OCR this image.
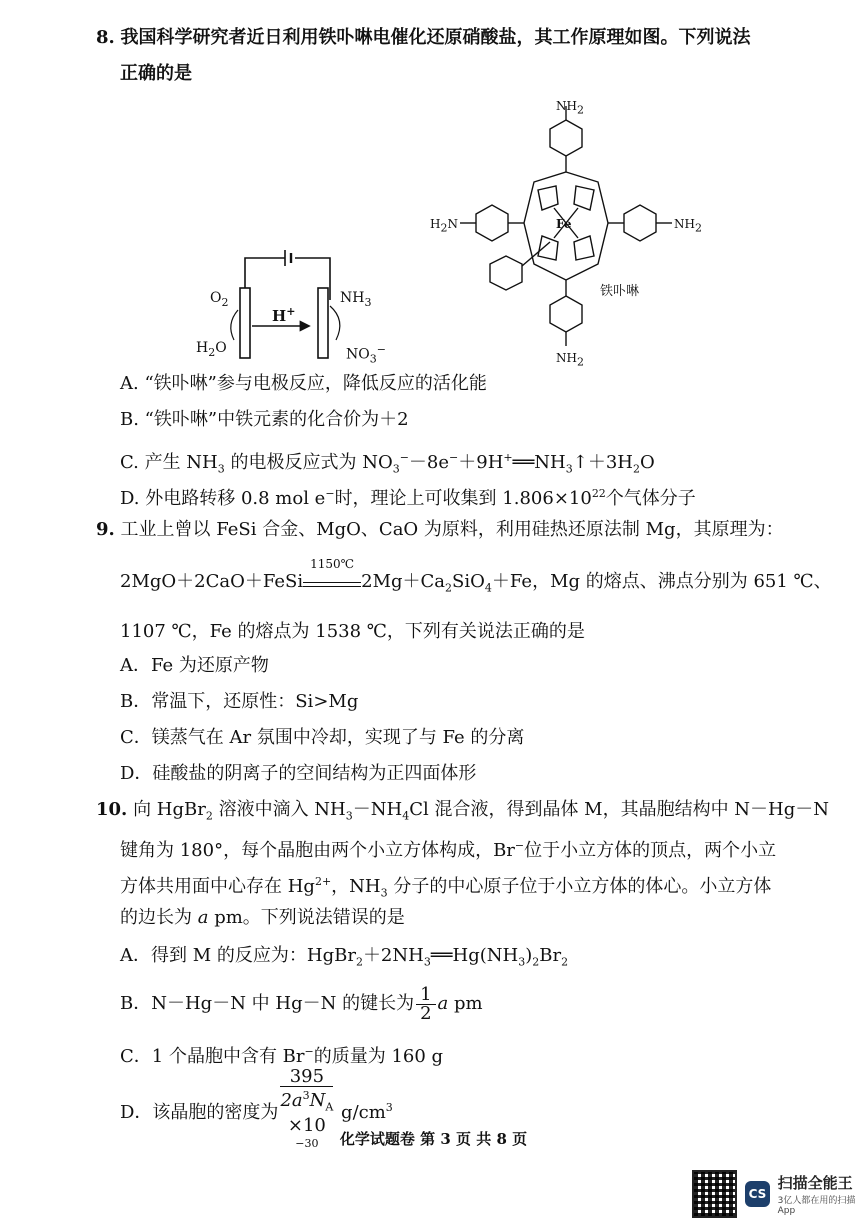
8. 我国科学研究者近日利用铁卟啉电催化还原硝酸盐，其工作原理如图。下列说法
正确的是
$O_2$
$H_2O$
H+
$NH_3$
$NO_3^-$
$NH_2$
$H_2N$	$NH_2$
$NH_2$
Fe
铁卟啉
A. “铁卟啉”参与电极反应，降低反应的活化能
B. “铁卟啉”中铁元素的化合价为＋2
C. 产生 $NH_3$ 的电极反应式为 $NO_3^--8e^-+9H^+══NH_3↑+3H_2O$
D. 外电路转移 0.8 mol e−时，理论上可收集到 $1.806\times 10^{22}$个气体分子
9. 工业上曾以 FeSi 合金、MgO、CaO 为原料，利用硅热还原法制 Mg，其原理为：
2MgO＋2CaO＋FeSi
1150℃
$2Mg+Ca_2SiO_4+Fe$，Mg 的熔点、沸点分别为 651 ℃、
1107 ℃，Fe 的熔点为 1538 ℃，下列有关说法正确的是
A．Fe 为还原产物
B．常温下，还原性：Si>Mg
C．镁蒸气在 Ar 氛围中冷却，实现了与 Fe 的分离
D．硅酸盐的阴离子的空间结构为正四面体形
10. 向 HgBr$_2$ 溶液中滴入 $NH_3-NH_4Cl$ 混合液，得到晶体 M，其晶胞结构中 N－Hg－N
键角为 180°，每个晶胞由两个小立方体构成，Br−位于小立方体的顶点，两个小立
方体共用面中心存在 $Hg^{2+}$，$NH_3$ 分子的中心原子位于小立方体的体心。小立方体
的边长为 a pm。下列说法错误的是
A．得到 M 的反应为：$HgBr_2+2NH_3══Hg(NH_3)_2Br_2$
B．N－Hg－N 中 Hg－N 的键长为 $\frac{1}{2}$ a pm
C．1 个晶胞中含有 Br−的质量为 160 g
D．该晶胞的密度为 395
$2a^3N_A$
×10
$^{-30}$ $g/cm^3$
化学试题卷 第 3 页 共 8 页
CS
扫描全能王
3亿人都在用的扫描App
